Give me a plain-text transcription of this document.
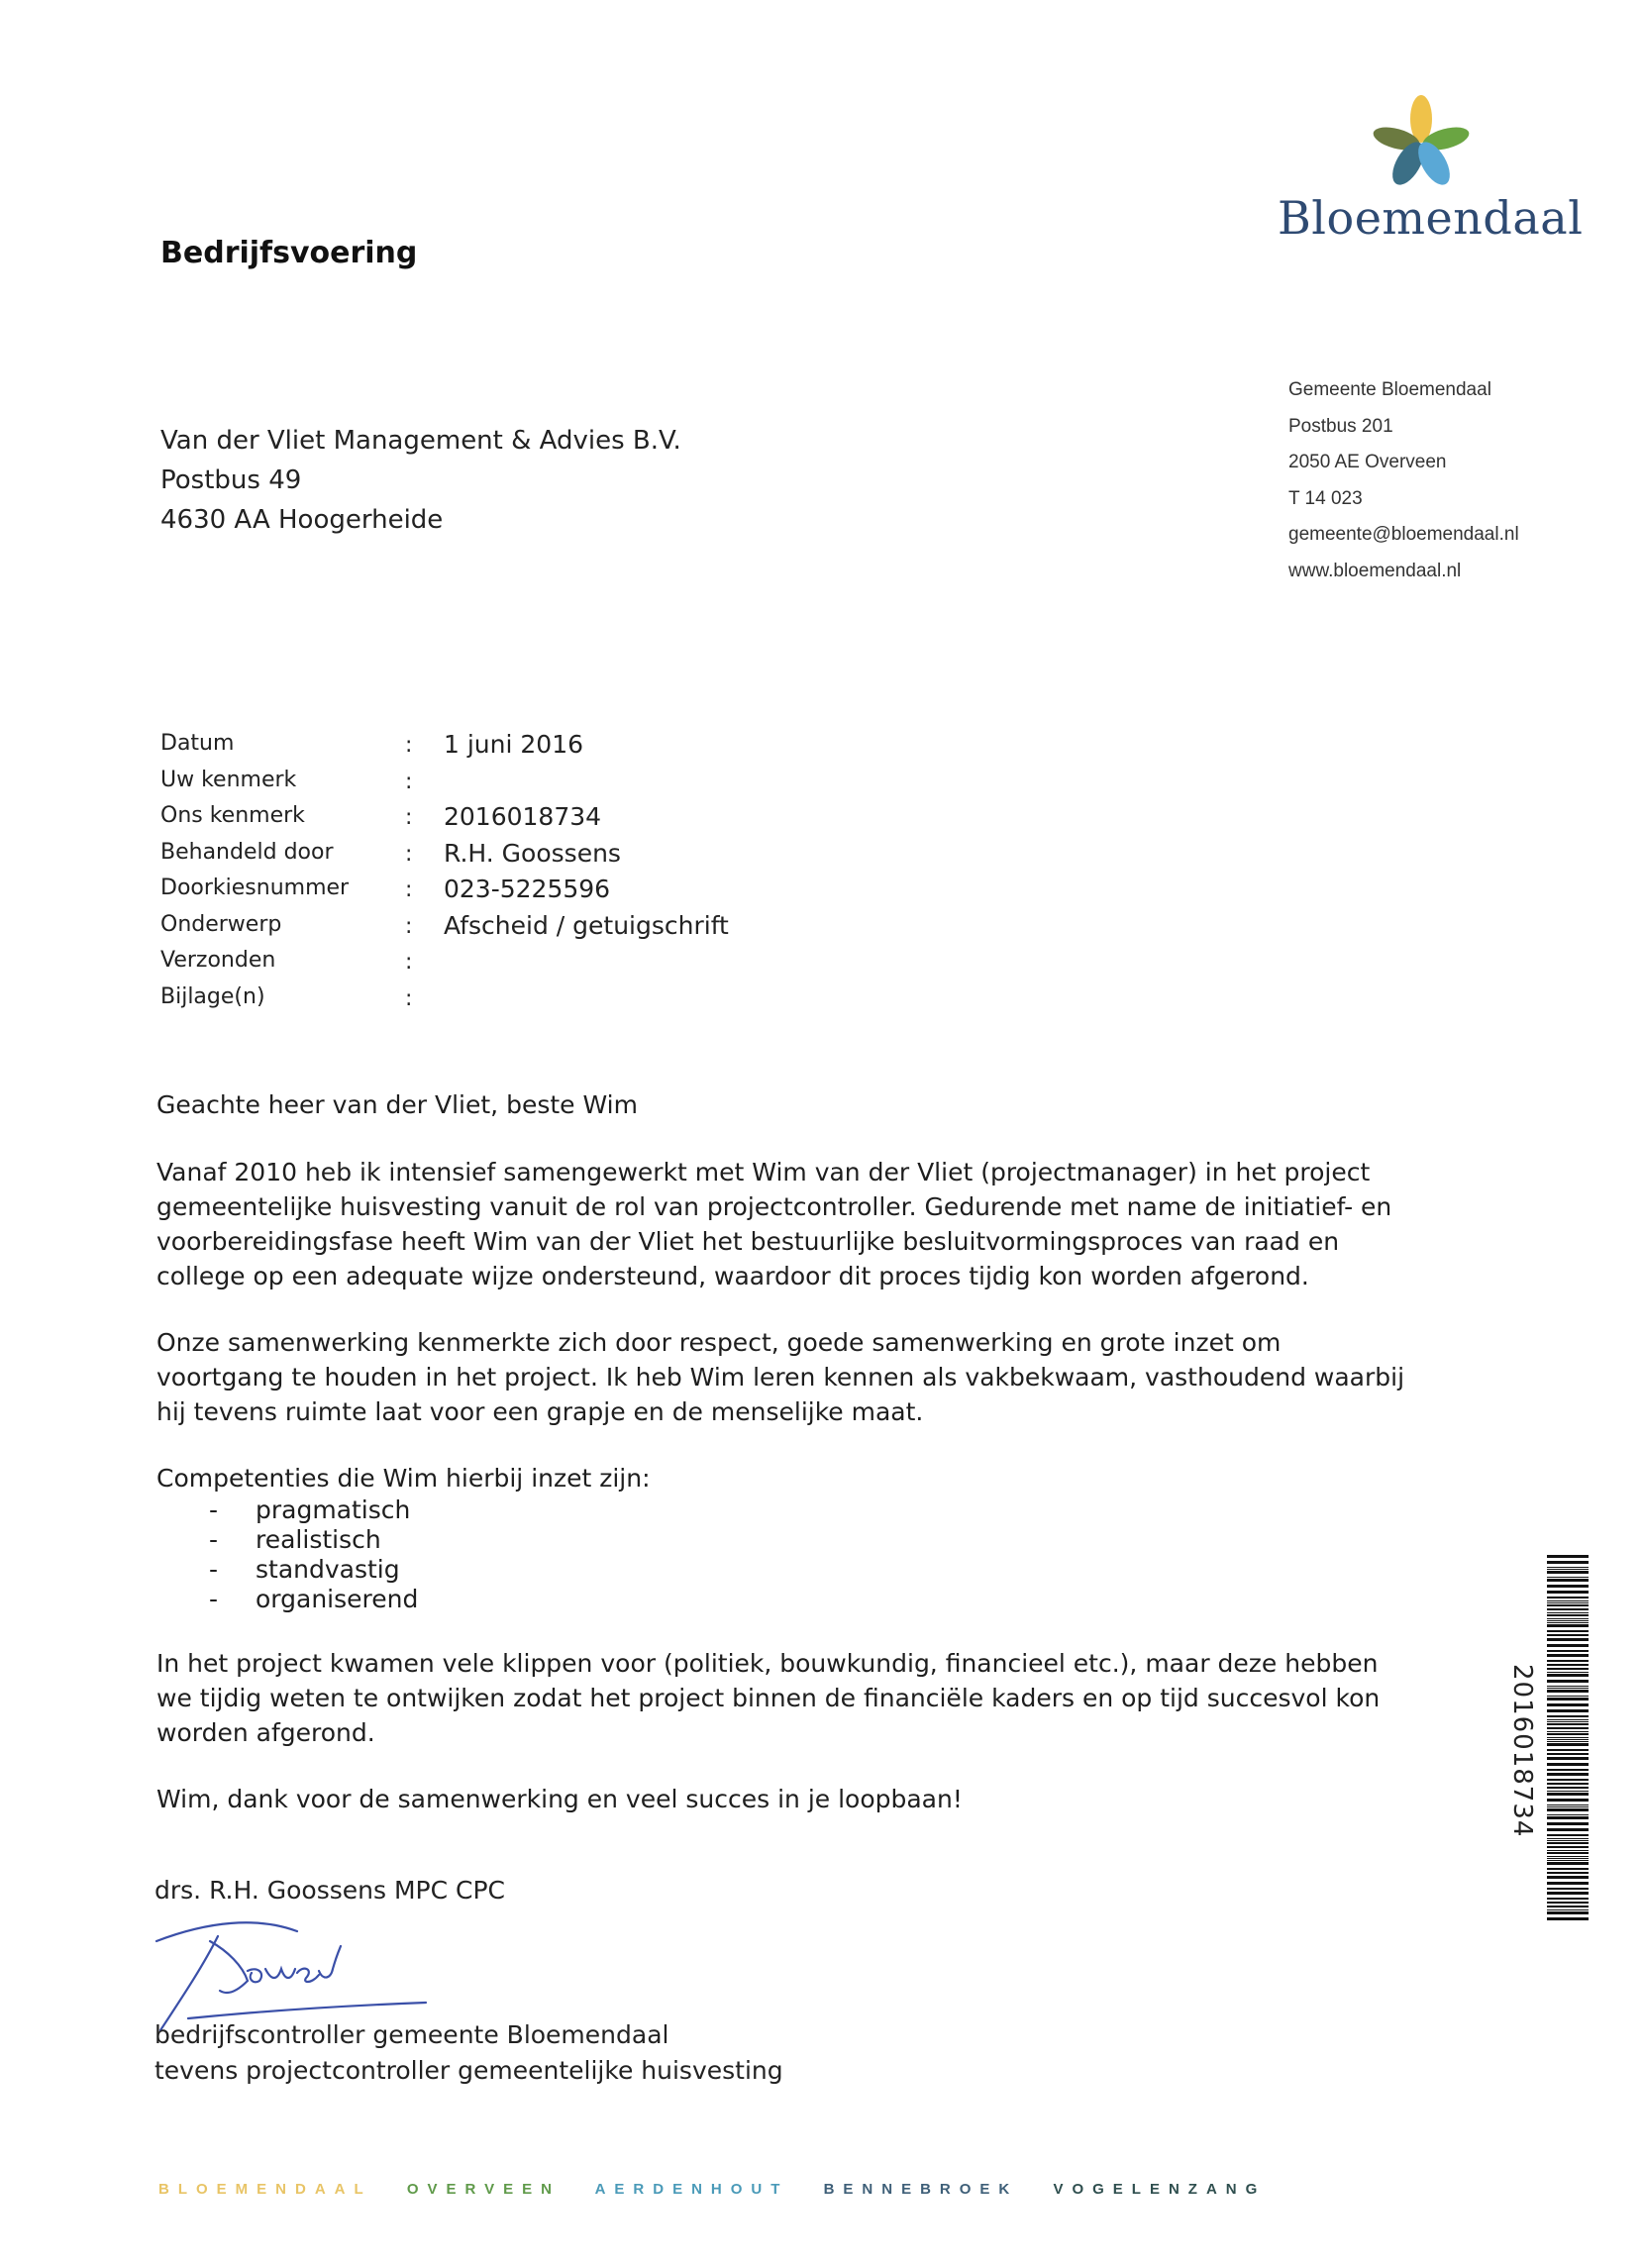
Bedrijfsvoering
Bloemendaal
Gemeente Bloemendaal
Postbus 201
2050 AE Overveen
T 14 023
gemeente@bloemendaal.nl
www.bloemendaal.nl
Van der Vliet Management & Advies B.V.
Postbus 49
4630 AA Hoogerheide
Datum	: 1 juni 2016
Uw kenmerk	:
Ons kenmerk	: 2016018734
Behandeld door	: R.H. Goossens
Doorkiesnummer	: 023-5225596
Onderwerp	: Afscheid / getuigschrift
Verzonden	:
Bijlage(n)	:

Geachte heer van der Vliet, beste Wim

Vanaf 2010 heb ik intensief samengewerkt met Wim van der Vliet (projectmanager) in het project gemeentelijke huisvesting vanuit de rol van projectcontroller. Gedurende met name de initiatief- en voorbereidingsfase heeft Wim van der Vliet het bestuurlijke besluitvormingsproces van raad en college op een adequate wijze ondersteund, waardoor dit proces tijdig kon worden afgerond.

Onze samenwerking kenmerkte zich door respect, goede samenwerking en grote inzet om voortgang te houden in het project. Ik heb Wim leren kennen als vakbekwaam, vasthoudend waarbij hij tevens ruimte laat voor een grapje en de menselijke maat.

Competenties die Wim hierbij inzet zijn:

- pragmatisch
- realistisch
- standvastig
- organiserend

In het project kwamen vele klippen voor (politiek, bouwkundig, financieel etc.), maar deze hebben we tijdig weten te ontwijken zodat het project binnen de financiële kaders en op tijd succesvol kon worden afgerond.

Wim, dank voor de samenwerking en veel succes in je loopbaan!

drs. R.H. Goossens MPC CPC
bedrijfscontroller gemeente Bloemendaal
tevens projectcontroller gemeentelijke huisvesting
2016018734
BLOEMENDAAL OVERVEEN AERDENHOUT BENNEBROEK VOGELENZANG
